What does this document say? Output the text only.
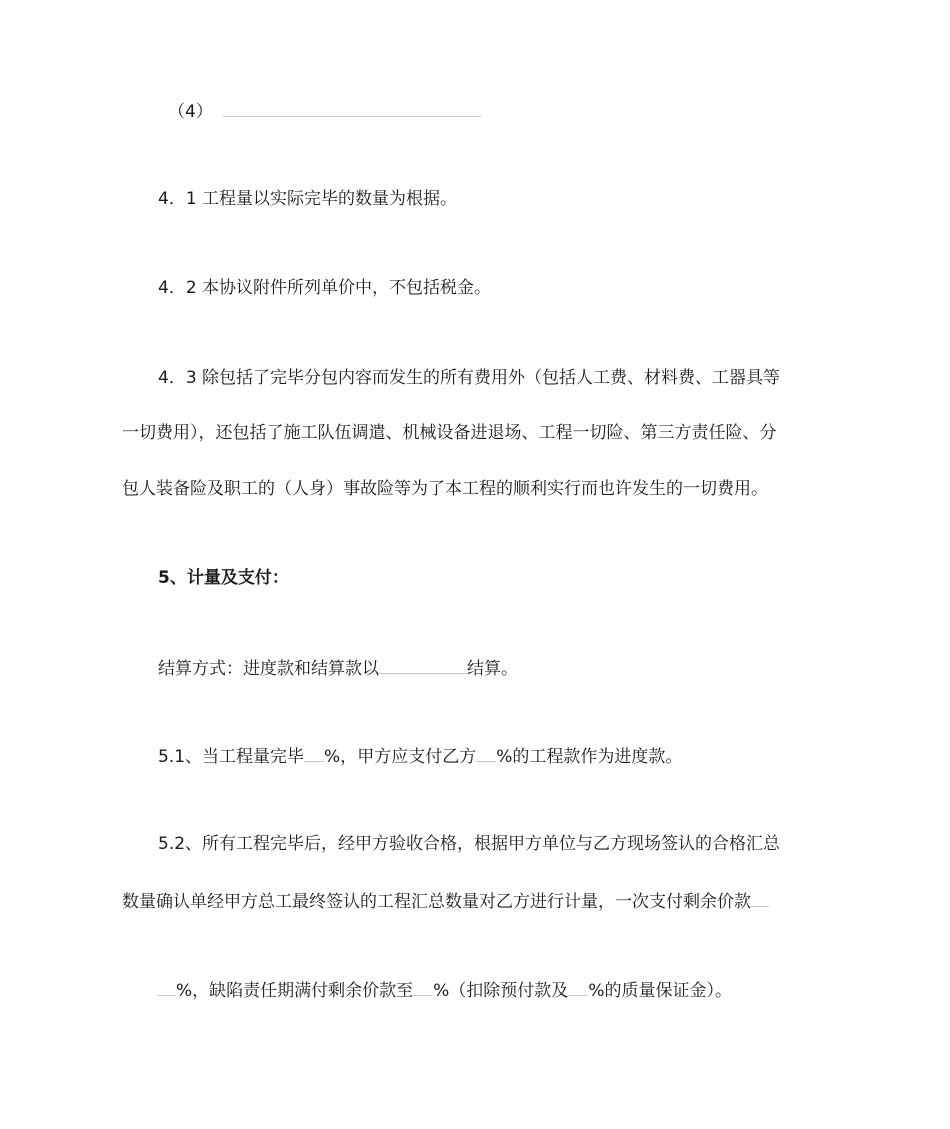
（4）
4．1 工程量以实际完毕的数量为根据。
4．2 本协议附件所列单价中，不包括税金。
4．3 除包括了完毕分包内容而发生的所有费用外（包括人工费、材料费、工器具等
一切费用），还包括了施工队伍调遣、机械设备进退场、工程一切险、第三方责任险、分
包人装备险及职工的（人身）事故险等为了本工程的顺利实行而也许发生的一切费用。
5、计量及支付：
结算方式：进度款和结算款以	结算。
5.1、当工程量完毕 %，甲方应支付乙方 %的工程款作为进度款。
5.2、所有工程完毕后，经甲方验收合格，根据甲方单位与乙方现场签认的合格汇总
数量确认单经甲方总工最终签认的工程汇总数量对乙方进行计量，一次支付剩余价款
%，缺陷责任期满付剩余价款至 %（扣除预付款及 %的质量保证金）。
